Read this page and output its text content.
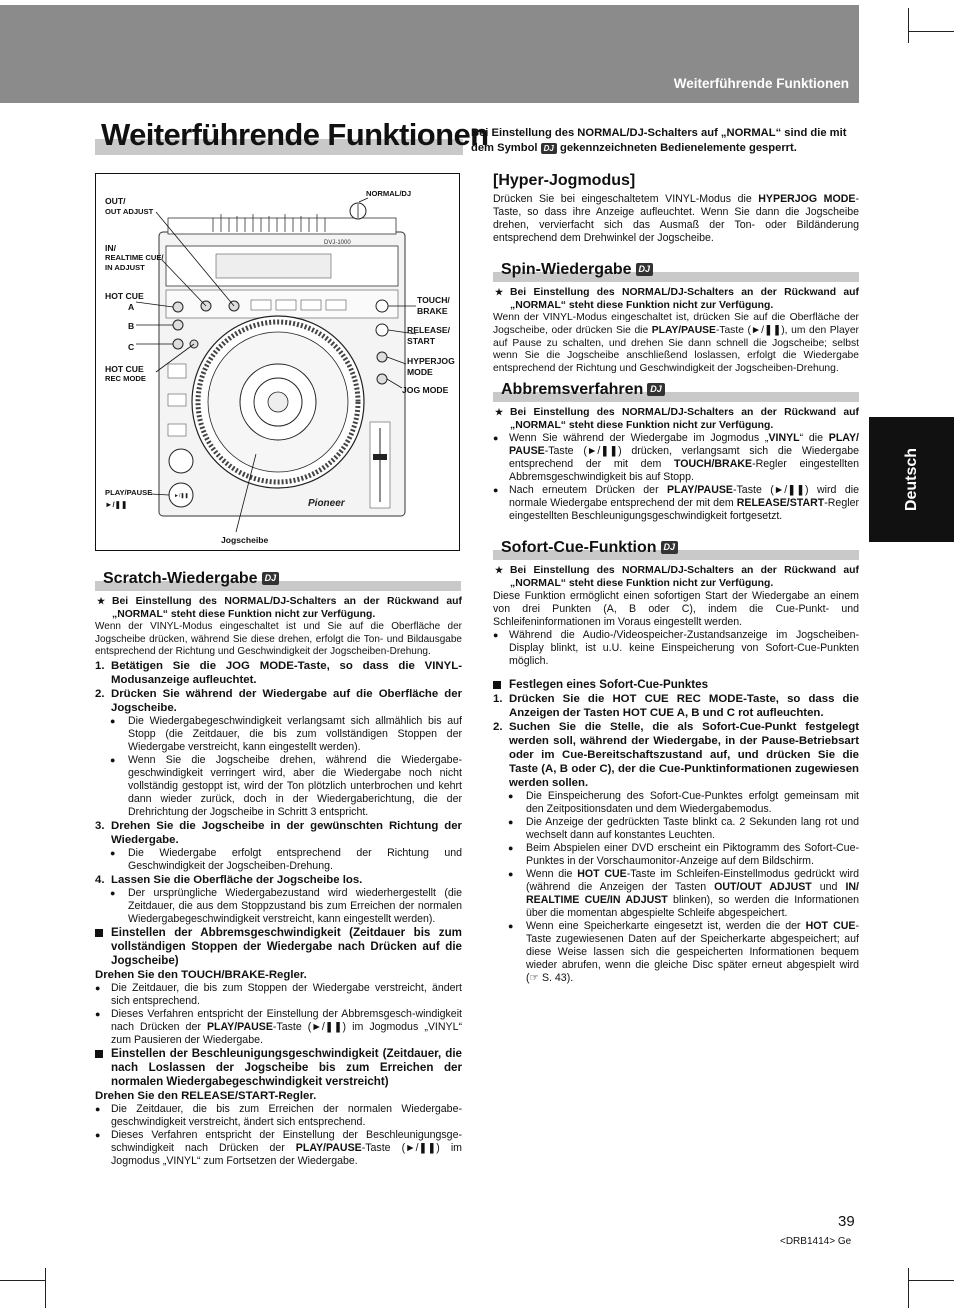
Weiterführende Funktionen
Weiterführende Funktionen
Bei Einstellung des NORMAL/DJ-Schalters auf „NORMAL“ sind die mit dem Symbol DJ gekennzeichneten Bedienelemente gesperrt.
Deutsch
DVJ-1000
►/❚❚
Pioneer
OUT/
OUT ADJUST
IN/
REALTIME CUE/
IN ADJUST
HOT CUE
A
B
C
HOT CUE
REC MODE
PLAY/PAUSE
►/❚❚
NORMAL/DJ
TOUCH/
BRAKE
RELEASE/
START
HYPERJOG
MODE
JOG MODE
Jogscheibe
Scratch-Wiedergabe DJ

★ Bei Einstellung des NORMAL/DJ-Schalters an der Rückwand auf „NORMAL“ steht diese Funktion nicht zur Verfügung.

Wenn der VINYL-Modus eingeschaltet ist und Sie auf die Oberfläche der Jogscheibe drücken, während Sie diese drehen, erfolgt die Ton- und Bildausgabe entsprechend der Richtung und Geschwindigkeit der Jogscheiben-Drehung.

1. Betätigen Sie die JOG MODE-Taste, so dass die VINYL-Modusanzeige aufleuchtet.

2. Drücken Sie während der Wiedergabe auf die Oberfläche der Jogscheibe.

● Die Wiedergabegeschwindigkeit verlangsamt sich allmählich bis auf Stopp (die Zeitdauer, die bis zum vollständigen Stoppen der Wiedergabe verstreicht, kann eingestellt werden).

● Wenn Sie die Jogscheibe drehen, während die Wiedergabe-geschwindigkeit verringert wird, aber die Wiedergabe noch nicht vollständig gestoppt ist, wird der Ton plötzlich unterbrochen und kehrt dann wieder zurück, doch in der Wiedergaberichtung, die der Drehrichtung der Jogscheibe in Schritt 3 entspricht.

3. Drehen Sie die Jogscheibe in der gewünschten Richtung der Wiedergabe.

● Die Wiedergabe erfolgt entsprechend der Richtung und Geschwindigkeit der Jogscheiben-Drehung.

4. Lassen Sie die Oberfläche der Jogscheibe los.

● Der ursprüngliche Wiedergabezustand wird wiederhergestellt (die Zeitdauer, die aus dem Stoppzustand bis zum Erreichen der normalen Wiedergabegeschwindigkeit verstreicht, kann eingestellt werden).

Einstellen der Abbremsgeschwindigkeit (Zeitdauer bis zum vollständigen Stoppen der Wiedergabe nach Drücken auf die Jogscheibe)

Drehen Sie den TOUCH/BRAKE-Regler.

● Die Zeitdauer, die bis zum Stoppen der Wiedergabe verstreicht, ändert sich entsprechend.

● Dieses Verfahren entspricht der Einstellung der Abbremsgesch-windigkeit nach Drücken der PLAY/PAUSE-Taste (►/❚❚) im Jogmodus „VINYL“ zum Pausieren der Wiedergabe.

Einstellen der Beschleunigungsgeschwindigkeit (Zeitdauer, die nach Loslassen der Jogscheibe bis zum Erreichen der normalen Wiedergabegeschwindigkeit verstreicht)

Drehen Sie den RELEASE/START-Regler.

● Die Zeitdauer, die bis zum Erreichen der normalen Wiedergabe-geschwindigkeit verstreicht, ändert sich entsprechend.

● Dieses Verfahren entspricht der Einstellung der Beschleunigungsge-schwindigkeit nach Drücken der PLAY/PAUSE-Taste (►/❚❚) im Jogmodus „VINYL“ zum Fortsetzen der Wiedergabe.

[Hyper-Jogmodus]

Drücken Sie bei eingeschaltetem VINYL-Modus die HYPERJOG MODE-Taste, so dass ihre Anzeige aufleuchtet. Wenn Sie dann die Jogscheibe drehen, vervierfacht sich das Ausmaß der Ton- oder Bildänderung entsprechend dem Drehwinkel der Jogscheibe.

Spin-Wiedergabe DJ

★ Bei Einstellung des NORMAL/DJ-Schalters an der Rückwand auf „NORMAL“ steht diese Funktion nicht zur Verfügung.

Wenn der VINYL-Modus eingeschaltet ist, drücken Sie auf die Oberfläche der Jogscheibe, oder drücken Sie die PLAY/PAUSE-Taste (►/❚❚), um den Player auf Pause zu schalten, und drehen Sie dann schnell die Jogscheibe; selbst wenn Sie die Jogscheibe anschließend loslassen, erfolgt die Wiedergabe entsprechend der Richtung und Geschwindigkeit der Jogscheiben-Drehung.

Abbremsverfahren DJ

★ Bei Einstellung des NORMAL/DJ-Schalters an der Rückwand auf „NORMAL“ steht diese Funktion nicht zur Verfügung.

● Wenn Sie während der Wiedergabe im Jogmodus „VINYL“ die PLAY/ PAUSE-Taste (►/❚❚) drücken, verlangsamt sich die Wiedergabe entsprechend der mit dem TOUCH/BRAKE-Regler eingestellten Abbremsgeschwindigkeit bis auf Stopp.

● Nach erneutem Drücken der PLAY/PAUSE-Taste (►/❚❚) wird die normale Wiedergabe entsprechend der mit dem RELEASE/START-Regler eingestellten Beschleunigungsgeschwindigkeit fortgesetzt.

Sofort-Cue-Funktion DJ

★ Bei Einstellung des NORMAL/DJ-Schalters an der Rückwand auf „NORMAL“ steht diese Funktion nicht zur Verfügung.

Diese Funktion ermöglicht einen sofortigen Start der Wiedergabe an einem von drei Punkten (A, B oder C), indem die Cue-Punkt- und Schleifeninformationen im Voraus eingestellt werden.

● Während die Audio-/Videospeicher-Zustandsanzeige im Jogscheiben-Display blinkt, ist u.U. keine Einspeicherung von Sofort-Cue-Punkten möglich.

Festlegen eines Sofort-Cue-Punktes

1. Drücken Sie die HOT CUE REC MODE-Taste, so dass die Anzeigen der Tasten HOT CUE A, B und C rot aufleuchten.

2. Suchen Sie die Stelle, die als Sofort-Cue-Punkt festgelegt werden soll, während der Wiedergabe, in der Pause-Betriebsart oder im Cue-Bereitschaftszustand auf, und drücken Sie die Taste (A, B oder C), der die Cue-Punktinformationen zugewiesen werden sollen.

● Die Einspeicherung des Sofort-Cue-Punktes erfolgt gemeinsam mit den Zeitpositionsdaten und dem Wiedergabemodus.

● Die Anzeige der gedrückten Taste blinkt ca. 2 Sekunden lang rot und wechselt dann auf konstantes Leuchten.

● Beim Abspielen einer DVD erscheint ein Piktogramm des Sofort-Cue-Punktes in der Vorschaumonitor-Anzeige auf dem Bildschirm.

● Wenn die HOT CUE-Taste im Schleifen-Einstellmodus gedrückt wird (während die Anzeigen der Tasten OUT/OUT ADJUST und IN/ REALTIME CUE/IN ADJUST blinken), so werden die Informationen über die momentan abgespielte Schleife abgespeichert.

● Wenn eine Speicherkarte eingesetzt ist, werden die der HOT CUE-Taste zugewiesenen Daten auf der Speicherkarte abgespeichert; auf diese Weise lassen sich die gespeicherten Informationen bequem wieder abrufen, wenn die gleiche Disc später erneut abgespielt wird (☞ S. 43).

39
<DRB1414> Ge
